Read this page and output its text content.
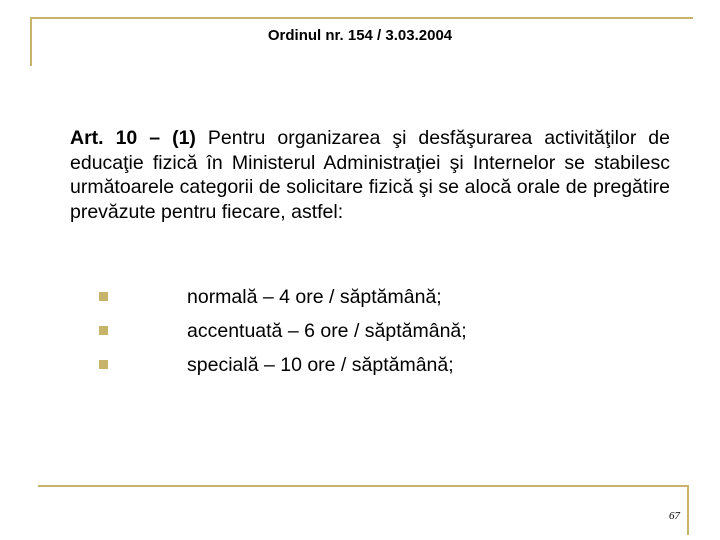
Ordinul nr. 154 / 3.03.2004
Art. 10 – (1) Pentru organizarea şi desfăşurarea activităţilor de educaţie fizică în Ministerul Administraţiei şi Internelor se stabilesc următoarele categorii de solicitare fizică şi se alocă orale de pregătire prevăzute pentru fiecare, astfel:
normală – 4 ore / săptămână;
accentuată – 6 ore / săptămână;
specială – 10 ore / săptămână;
67
